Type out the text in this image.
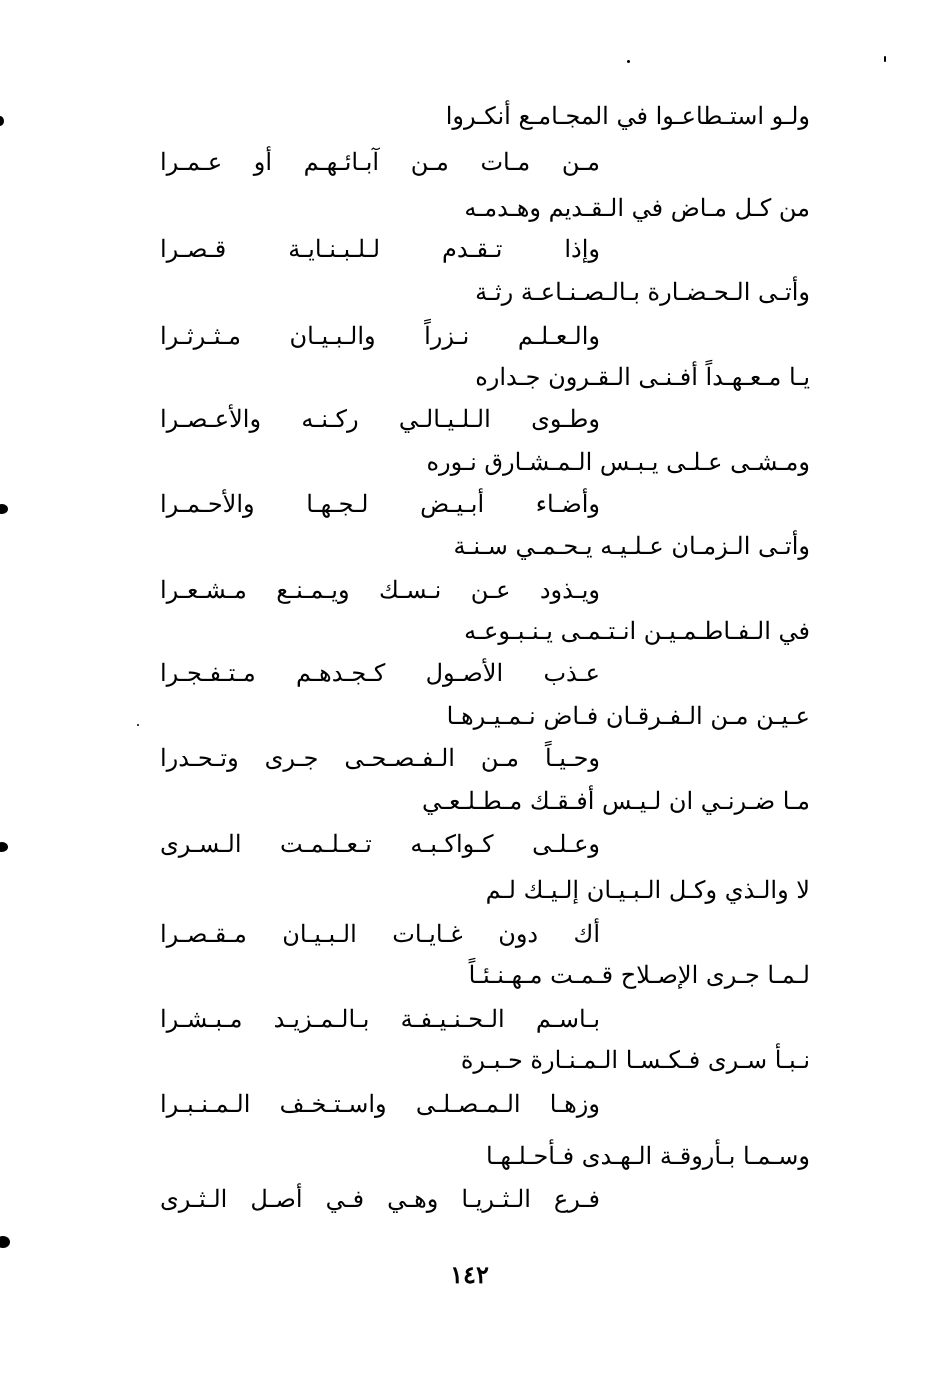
ولـو استـطاعـوا في المجـامـع أنكـروا
مـن مـات مـن آبـائـهـم أو عـمـرا
من كـل مـاض في الـقـديم وهـدمـه
وإذا تـقـدم لـلـبـنـايـة قـصـرا
وأتـى الـحـضـارة بـالـصـنـاعـة رثـة
والـعـلـم نـزراً والـبـيـان مـثـرثـرا
يـا مـعـهـداً أفـنـى الـقـرون جـداره
وطـوى الـلـيـالـي ركـنـه والأعـصـرا
ومـشـى عـلـى يـبـس الـمـشـارق نـوره
وأضـاء أبـيـض لـجـهـا والأحـمـرا
وأتـى الـزمـان عـلـيـه يـحـمـي سـنـة
ويـذود عـن نـسـك ويـمـنـع مـشـعـرا
في الـفـاطـمـيـن انـتـمـى يـنـبـوعـه
عـذب الأصـول كـجـدهـم مـتـفـجـرا
عـيـن مـن الـفـرقـان فـاض نـمـيـرهـا
وحـيـاً مـن الـفـصـحـى جـرى وتـحـدرا
مـا ضـرنـي ان لـيـس أفـقـك مـطـلـعـي
وعـلـى كـواكـبـه تـعـلـمـت الـسـرى
لا والـذي وكـل الـبـيـان إلـيـك لـم
أك دون غـايـات الـبـيـان مـقـصـرا
لـمـا جـرى الإصـلاح قـمـت مـهـنـئـاً
بـاسـم الـحـنـيـفـة بـالـمـزيـد مـبـشـرا
نـبـأ سـرى فـكـسـا الـمـنـارة حـبـرة
وزهـا الـمـصـلـى واسـتـخـف الـمـنـبـرا
وسـمـا بـأروقـة الـهـدى فـأحـلـهـا
فـرع الـثـريـا وهـي فـي أصـل الـثـرى
١٤٢
